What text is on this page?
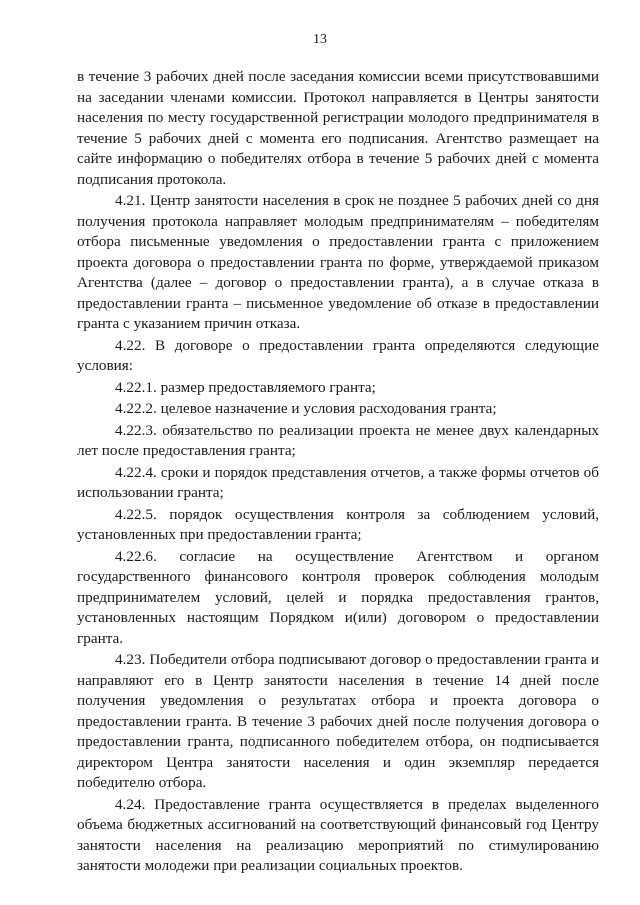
13

в течение 3 рабочих дней после заседания комиссии всеми присутствовавшими на заседании членами комиссии. Протокол направляется в Центры занятости населения по месту государственной регистрации молодого предпринимателя в течение 5 рабочих дней с момента его подписания. Агентство размещает на сайте информацию о победителях отбора в течение 5 рабочих дней с момента подписания протокола.

4.21. Центр занятости населения в срок не позднее 5 рабочих дней со дня получения протокола направляет молодым предпринимателям – победителям отбора письменные уведомления о предоставлении гранта с приложением проекта договора о предоставлении гранта по форме, утверждаемой приказом Агентства (далее – договор о предоставлении гранта), а в случае отказа в предоставлении гранта – письменное уведомление об отказе в предоставлении гранта с указанием причин отказа.

4.22. В договоре о предоставлении гранта определяются следующие условия:

4.22.1. размер предоставляемого гранта;

4.22.2. целевое назначение и условия расходования гранта;

4.22.3. обязательство по реализации проекта не менее двух календарных лет после предоставления гранта;

4.22.4. сроки и порядок представления отчетов, а также формы отчетов об использовании гранта;

4.22.5. порядок осуществления контроля за соблюдением условий, установленных при предоставлении гранта;

4.22.6. согласие на осуществление Агентством и органом государственного финансового контроля проверок соблюдения молодым предпринимателем условий, целей и порядка предоставления грантов, установленных настоящим Порядком и(или) договором о предоставлении гранта.

4.23. Победители отбора подписывают договор о предоставлении гранта и направляют его в Центр занятости населения в течение 14 дней после получения уведомления о результатах отбора и проекта договора о предоставлении гранта. В течение 3 рабочих дней после получения договора о предоставлении гранта, подписанного победителем отбора, он подписывается директором Центра занятости населения и один экземпляр передается победителю отбора.

4.24. Предоставление гранта осуществляется в пределах выделенного объема бюджетных ассигнований на соответствующий финансовый год Центру занятости населения на реализацию мероприятий по стимулированию занятости молодежи при реализации социальных проектов.
